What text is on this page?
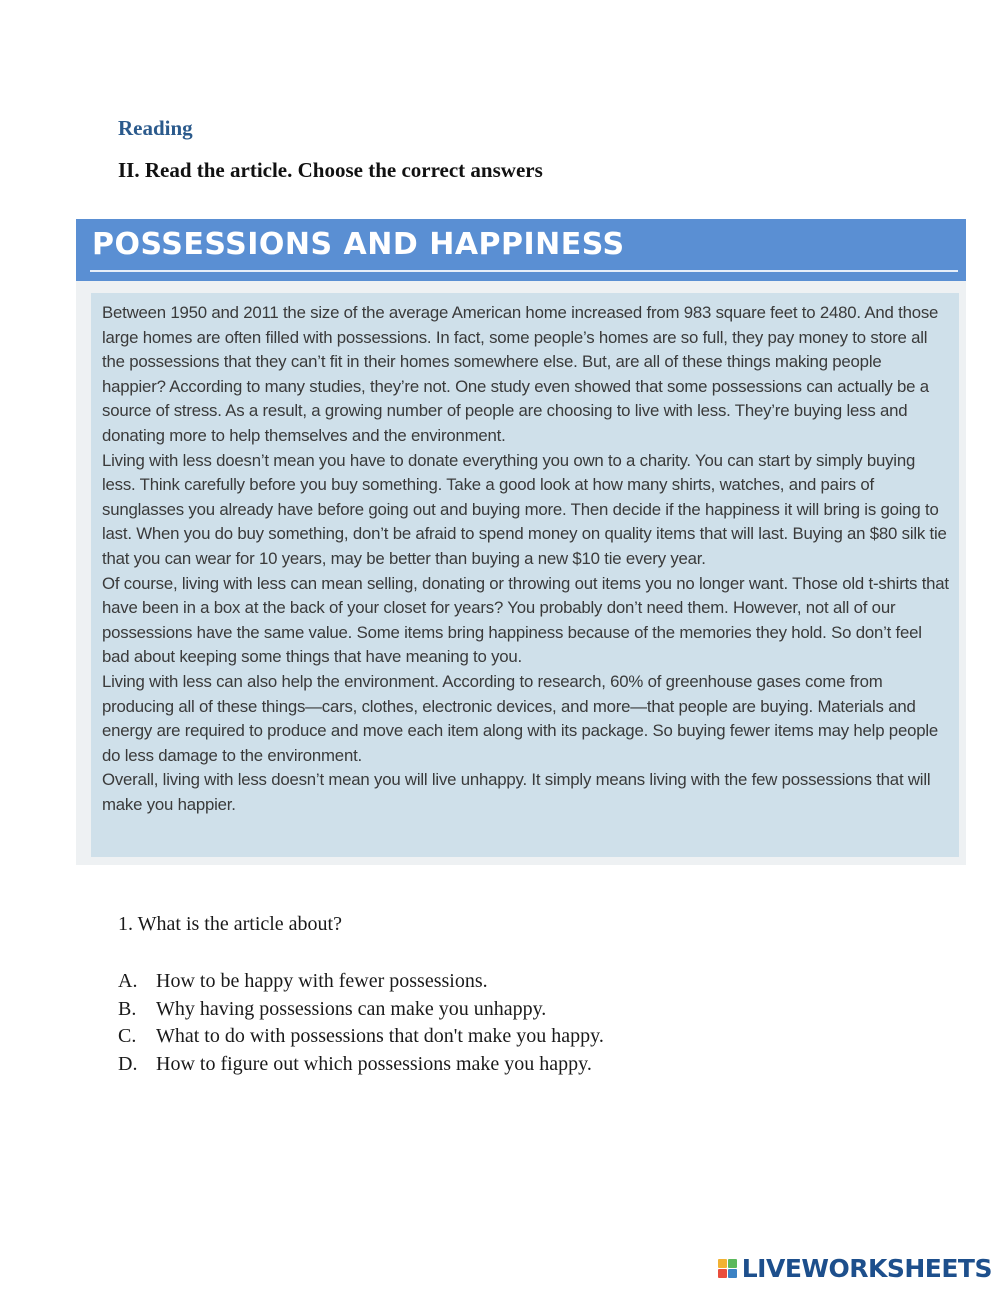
Reading
II. Read the article. Choose the correct answers
POSSESSIONS AND HAPPINESS

Between 1950 and 2011 the size of the average American home increased from 983 square feet to 2480. And those large homes are often filled with possessions. In fact, some people’s homes are so full, they pay money to store all the possessions that they can’t fit in their homes somewhere else. But, are all of these things making people happier? According to many studies, they’re not. One study even showed that some possessions can actually be a source of stress. As a result, a growing number of people are choosing to live with less. They’re buying less and donating more to help themselves and the environment.

Living with less doesn’t mean you have to donate everything you own to a charity. You can start by simply buying less. Think carefully before you buy something. Take a good look at how many shirts, watches, and pairs of sunglasses you already have before going out and buying more. Then decide if the happiness it will bring is going to last. When you do buy something, don’t be afraid to spend money on quality items that will last. Buying an $80 silk tie that you can wear for 10 years, may be better than buying a new $10 tie every year.

Of course, living with less can mean selling, donating or throwing out items you no longer want. Those old t-shirts that have been in a box at the back of your closet for years? You probably don’t need them. However, not all of our possessions have the same value. Some items bring happiness because of the memories they hold. So don’t feel bad about keeping some things that have meaning to you.

Living with less can also help the environment. According to research, 60% of greenhouse gases come from producing all of these things—cars, clothes, electronic devices, and more—that people are buying. Materials and energy are required to produce and move each item along with its package. So buying fewer items may help people do less damage to the environment.

Overall, living with less doesn’t mean you will live unhappy. It simply means living with the few possessions that will make you happier.

1. What is the article about?
A. How to be happy with fewer possessions.
B. Why having possessions can make you unhappy.
C. What to do with possessions that don't make you happy.
D. How to figure out which possessions make you happy.
LIVEWORKSHEETS
